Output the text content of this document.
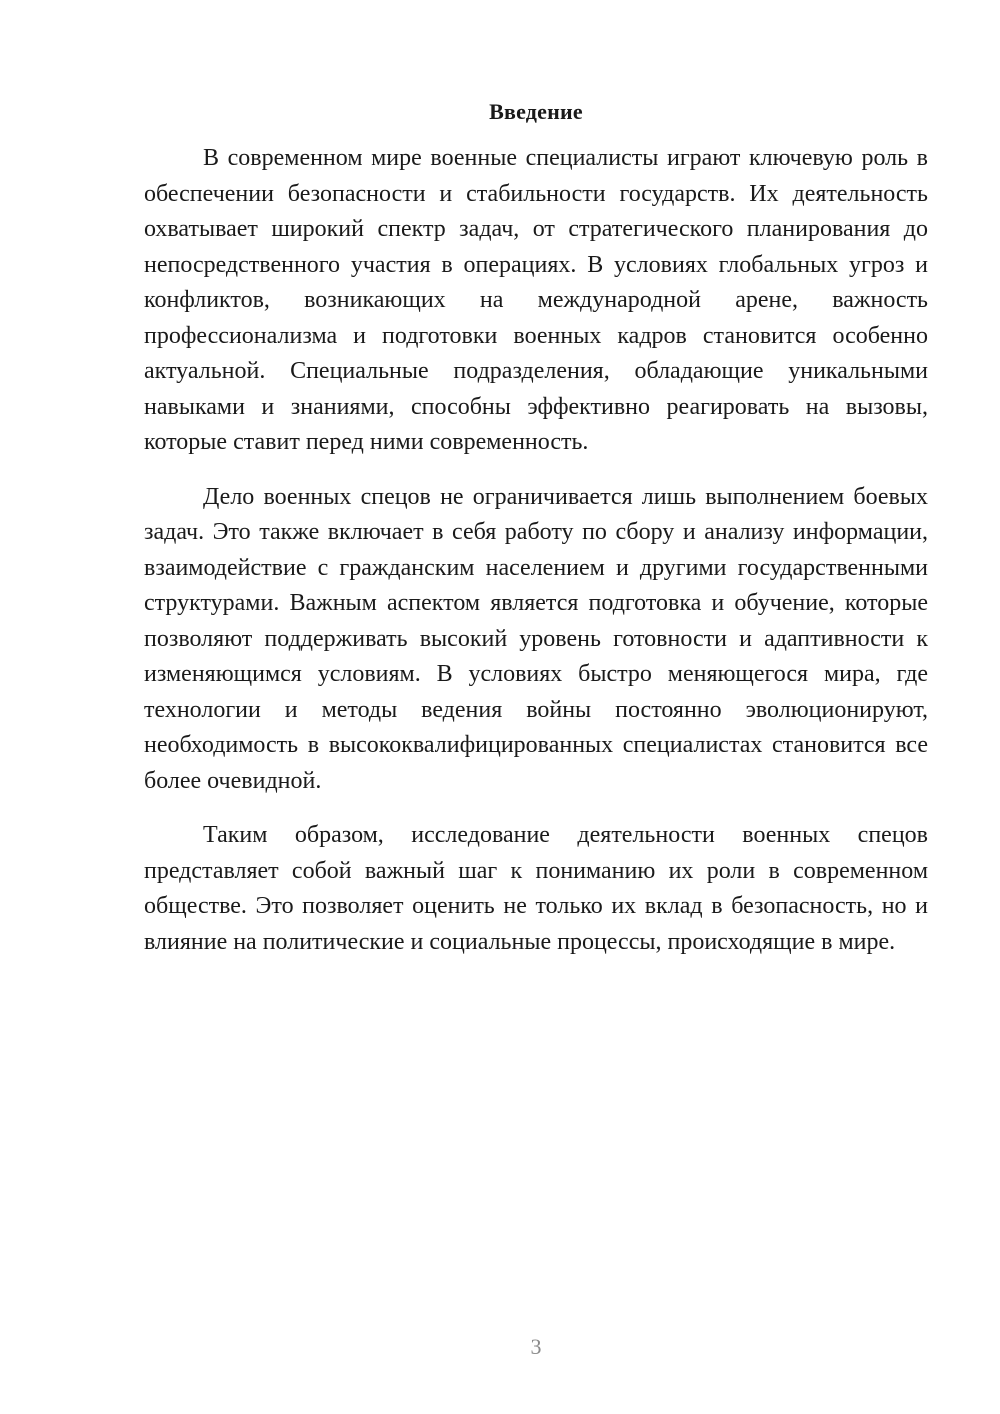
Введение

В современном мире военные специалисты играют ключевую роль в обеспечении безопасности и стабильности государств. Их деятельность охватывает широкий спектр задач, от стратегического планирования до непосредственного участия в операциях. В условиях глобальных угроз и конфликтов, возникающих на международной арене, важность профессионализма и подготовки военных кадров становится особенно актуальной. Специальные подразделения, обладающие уникальными навыками и знаниями, способны эффективно реагировать на вызовы, которые ставит перед ними современность.

Дело военных спецов не ограничивается лишь выполнением боевых задач. Это также включает в себя работу по сбору и анализу информации, взаимодействие с гражданским населением и другими государственными структурами. Важным аспектом является подготовка и обучение, которые позволяют поддерживать высокий уровень готовности и адаптивности к изменяющимся условиям. В условиях быстро меняющегося мира, где технологии и методы ведения войны постоянно эволюционируют, необходимость в высококвалифицированных специалистах становится все более очевидной.

Таким образом, исследование деятельности военных спецов представляет собой важный шаг к пониманию их роли в современном обществе. Это позволяет оценить не только их вклад в безопасность, но и влияние на политические и социальные процессы, происходящие в мире.

3
